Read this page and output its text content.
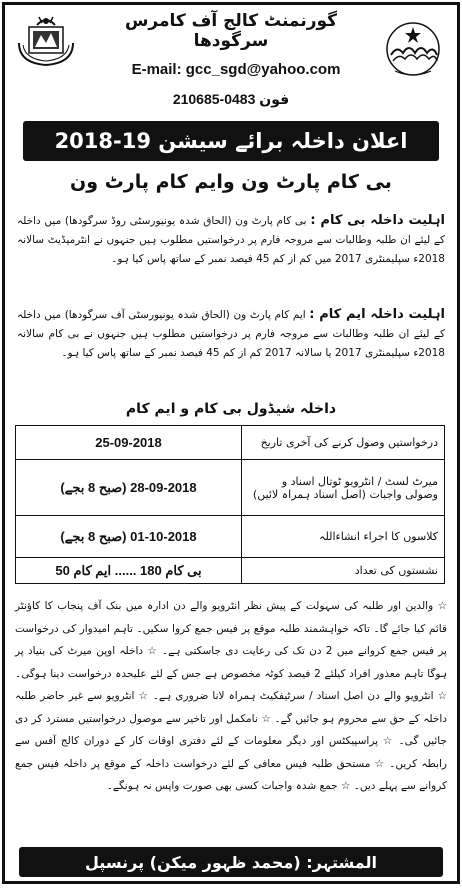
گورنمنٹ کالج آف کامرس سرگودھا
E-mail: gcc_sgd@yahoo.com
فون 0483-210685
اعلان داخلہ برائے سیشن 19-2018
بی کام پارٹ ون وایم کام پارٹ ون
اہلیت داخلہ بی کام : بی کام پارٹ ون (الحاق شدہ یونیورسٹی روڈ سرگودھا) میں داخلہ کے لیئے ان طلبہ وطالبات سے مروجہ فارم پر درخواستیں مطلوب ہیں جنہوں نے انٹرمیڈیٹ سالانہ 2018ء سپلیمنٹری 2017 میں کم از کم 45 فیصد نمبر کے ساتھ پاس کیا ہو۔
اہلیت داخلہ ایم کام : ایم کام پارٹ ون (الحاق شدہ یونیورسٹی آف سرگودھا) میں داخلہ کے لیئے ان طلبہ وطالبات سے مروجہ فارم پر درخواستیں مطلوب ہیں جنہوں نے بی کام سالانہ 2018ء سپلیمنٹری 2017 یا سالانہ 2017 کم از کم 45 فیصد نمبر کے ساتھ پاس کیا ہو۔
داخلہ شیڈول بی کام و ایم کام
25-09-2018	درخواستیں وصول کرنے کی آخری تاریخ
28-09-2018 (صبح 8 بجے)	میرٹ لسٹ / انٹرویو ٹوتال اسناد و وصولی واجبات (اصل اسناد ہمراہ لائیں)
01-10-2018 (صبح 8 بجے)	کلاسوں کا اجراء انشاءاللہ
بی کام 180 ...... ایم کام 50	نشستوں کی تعداد
☆ والدین اور طلبہ کی سہولت کے پیش نظر انٹرویو والے دن ادارہ میں بنک آف پنجاب کا کاؤنٹر قائم کیا جائے گا۔ تاکہ خواہشمند طلبہ موقع پر فیس جمع کروا سکیں۔ تاہم امیدوار کی درخواست پر فیس جمع کروانے میں 2 دن تک کی رعایت دی جاسکتی ہے۔ ☆ داخلہ اوپن میرٹ کی بنیاد پر ہوگا تاہم معذور افراد کیلئے 2 فیصد کوٹہ مخصوص ہے جس کے لئے علیحدہ درخواست دینا ہوگی۔ ☆ انٹرویو والے دن اصل اسناد / سرٹیفکیٹ ہمراہ لانا ضروری ہے۔ ☆ انٹرویو سے غیر حاضر طلبہ داخلہ کے حق سے محروم ہو جائیں گے۔ ☆ نامکمل اور تاخیر سے موصول درخواستیں مسترد کر دی جائیں گی۔ ☆ پراسپیکٹس اور دیگر معلومات کے لئے دفتری اوقات کار کے دوران کالج آفس سے رابطہ کریں۔ ☆ مستحق طلبہ فیس معافی کے لئے درخواست داخلہ کے موقع پر داخلہ فیس جمع کروانے سے پہلے دیں۔ ☆ جمع شدہ واجبات کسی بھی صورت واپس نہ ہونگے۔
المشتہر: (محمد ظہور میکن) پرنسپل
